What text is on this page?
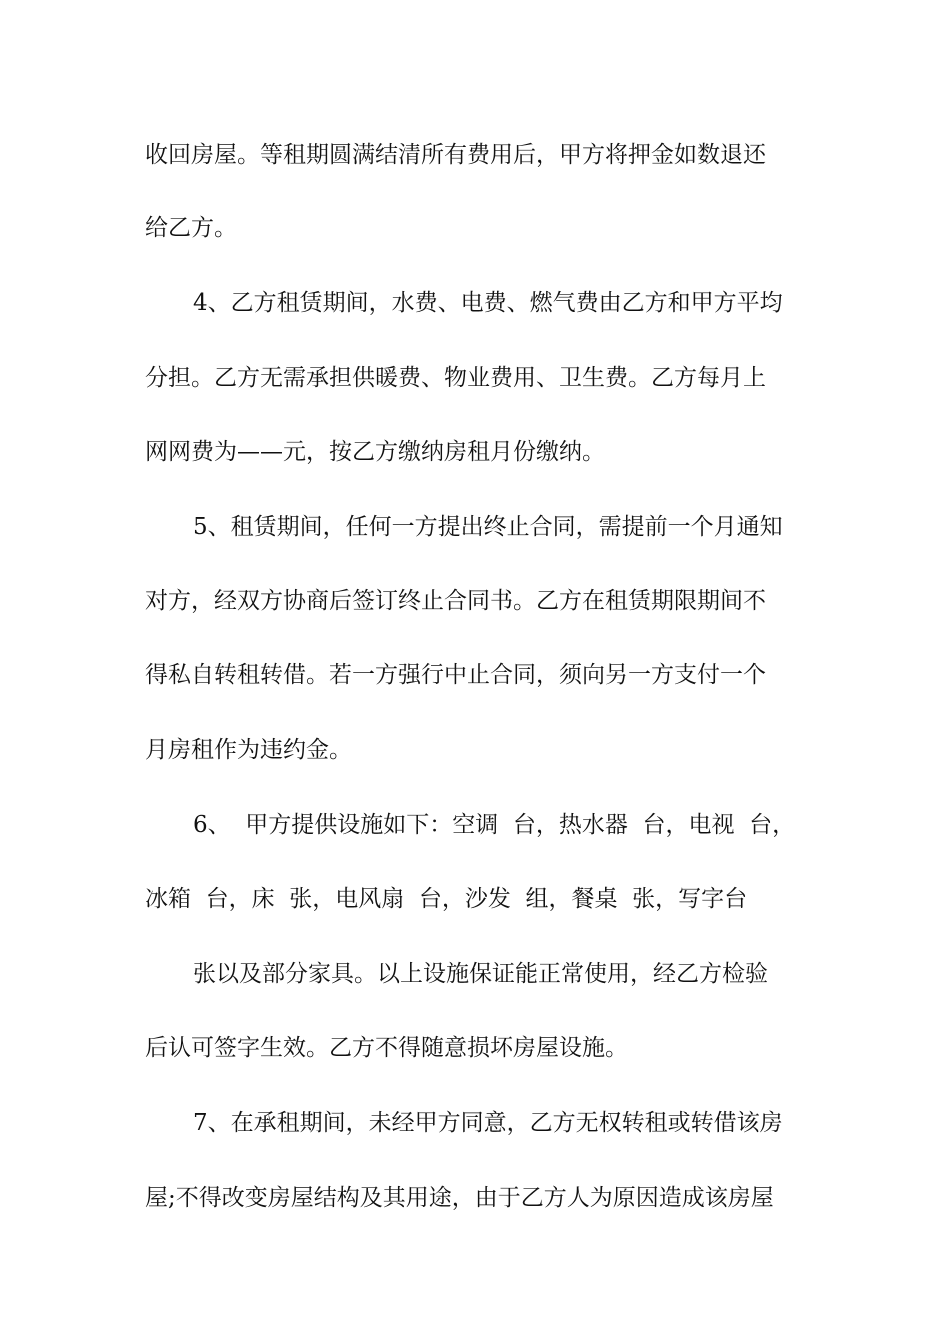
收回房屋。等租期圆满结清所有费用后，甲方将押金如数退还
给乙方。
4、乙方租赁期间，水费、电费、燃气费由乙方和甲方平均
分担。乙方无需承担供暖费、物业费用、卫生费。乙方每月上
网网费为——元，按乙方缴纳房租月份缴纳。
5、租赁期间，任何一方提出终止合同，需提前一个月通知
对方，经双方协商后签订终止合同书。乙方在租赁期限期间不
得私自转租转借。若一方强行中止合同，须向另一方支付一个
月房租作为违约金。
6、  甲方提供设施如下：空调  台，热水器  台，电视  台，
冰箱  台，床  张，电风扇  台，沙发  组，餐桌  张，写字台
张以及部分家具。以上设施保证能正常使用，经乙方检验
后认可签字生效。乙方不得随意损坏房屋设施。
7、在承租期间，未经甲方同意，乙方无权转租或转借该房
屋;不得改变房屋结构及其用途，由于乙方人为原因造成该房屋
